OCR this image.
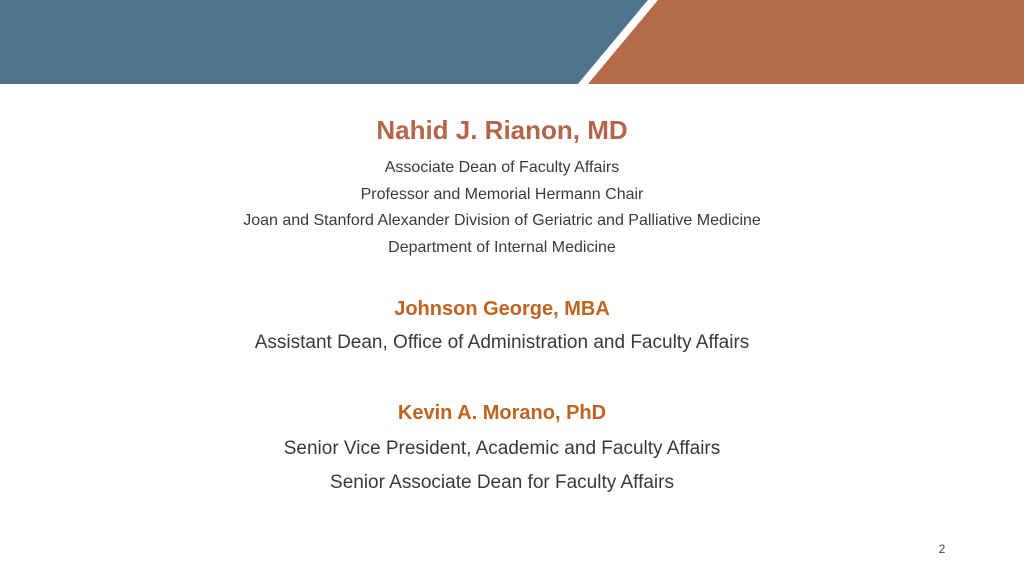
Nahid J. Rianon, MD
Associate Dean of Faculty Affairs
Professor and Memorial Hermann Chair
Joan and Stanford Alexander Division of Geriatric and Palliative Medicine
Department of Internal Medicine
Johnson George, MBA
Assistant Dean, Office of Administration and Faculty Affairs
Kevin A. Morano, PhD
Senior Vice President, Academic and Faculty Affairs
Senior Associate Dean for Faculty Affairs
2
